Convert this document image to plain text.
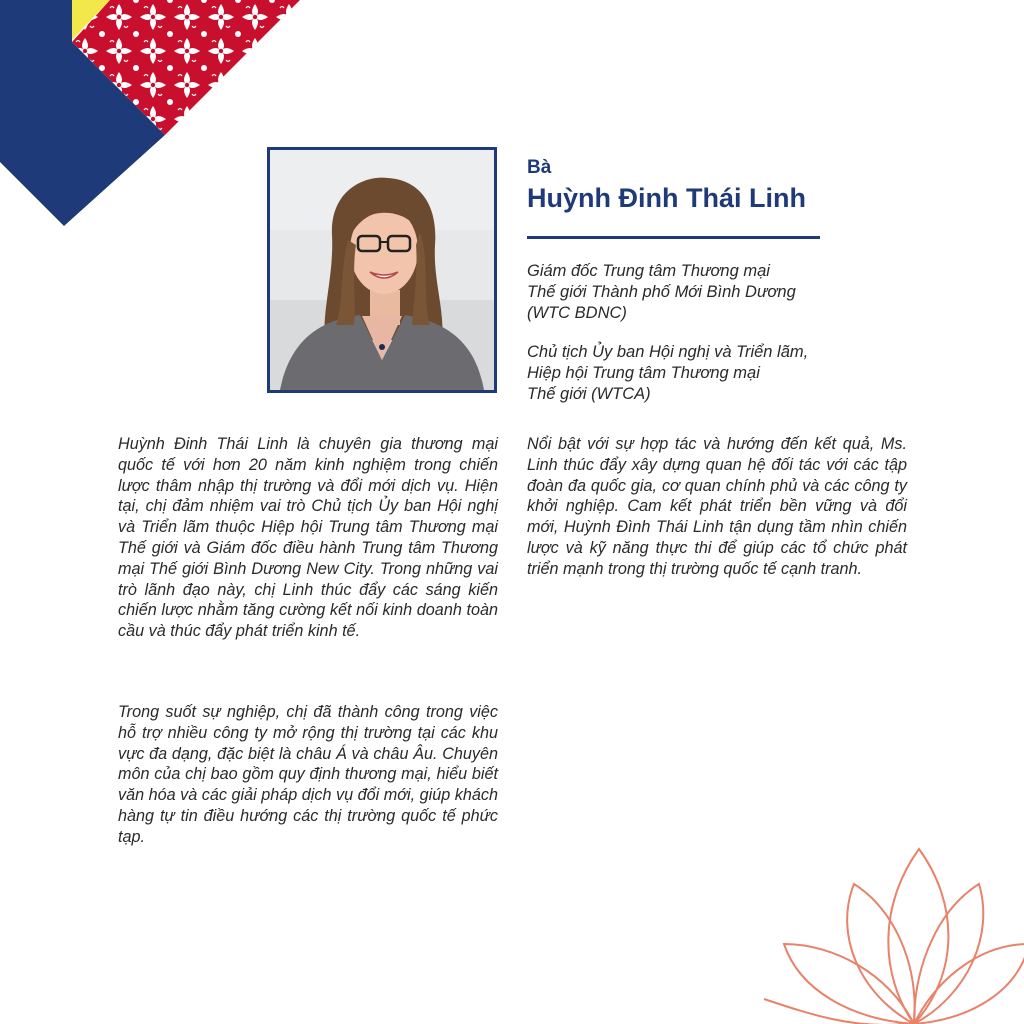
Bà

Huỳnh Đinh Thái Linh

Giám đốc Trung tâm Thương mại
Thế giới Thành phố Mới Bình Dương
(WTC BDNC)

Chủ tịch Ủy ban Hội nghị và Triển lãm,
Hiệp hội Trung tâm Thương mại
Thế giới (WTCA)

Huỳnh Đinh Thái Linh là chuyên gia thương mại quốc tế với hơn 20 năm kinh nghiệm trong chiến lược thâm nhập thị trường và đổi mới dịch vụ. Hiện tại, chị đảm nhiệm vai trò Chủ tịch Ủy ban Hội nghị và Triển lãm thuộc Hiệp hội Trung tâm Thương mại Thế giới và Giám đốc điều hành Trung tâm Thương mại Thế giới Bình Dương New City. Trong những vai trò lãnh đạo này, chị Linh thúc đẩy các sáng kiến chiến lược nhằm tăng cường kết nối kinh doanh toàn cầu và thúc đẩy phát triển kinh tế.

Trong suốt sự nghiệp, chị đã thành công trong việc hỗ trợ nhiều công ty mở rộng thị trường tại các khu vực đa dạng, đặc biệt là châu Á và châu Âu. Chuyên môn của chị bao gồm quy định thương mại, hiểu biết văn hóa và các giải pháp dịch vụ đổi mới, giúp khách hàng tự tin điều hướng các thị trường quốc tế phức tạp.

Nổi bật với sự hợp tác và hướng đến kết quả, Ms. Linh thúc đẩy xây dựng quan hệ đối tác với các tập đoàn đa quốc gia, cơ quan chính phủ và các công ty khởi nghiệp. Cam kết phát triển bền vững và đổi mới, Huỳnh Đình Thái Linh tận dụng tầm nhìn chiến lược và kỹ năng thực thi để giúp các tổ chức phát triển mạnh trong thị trường quốc tế cạnh tranh.
